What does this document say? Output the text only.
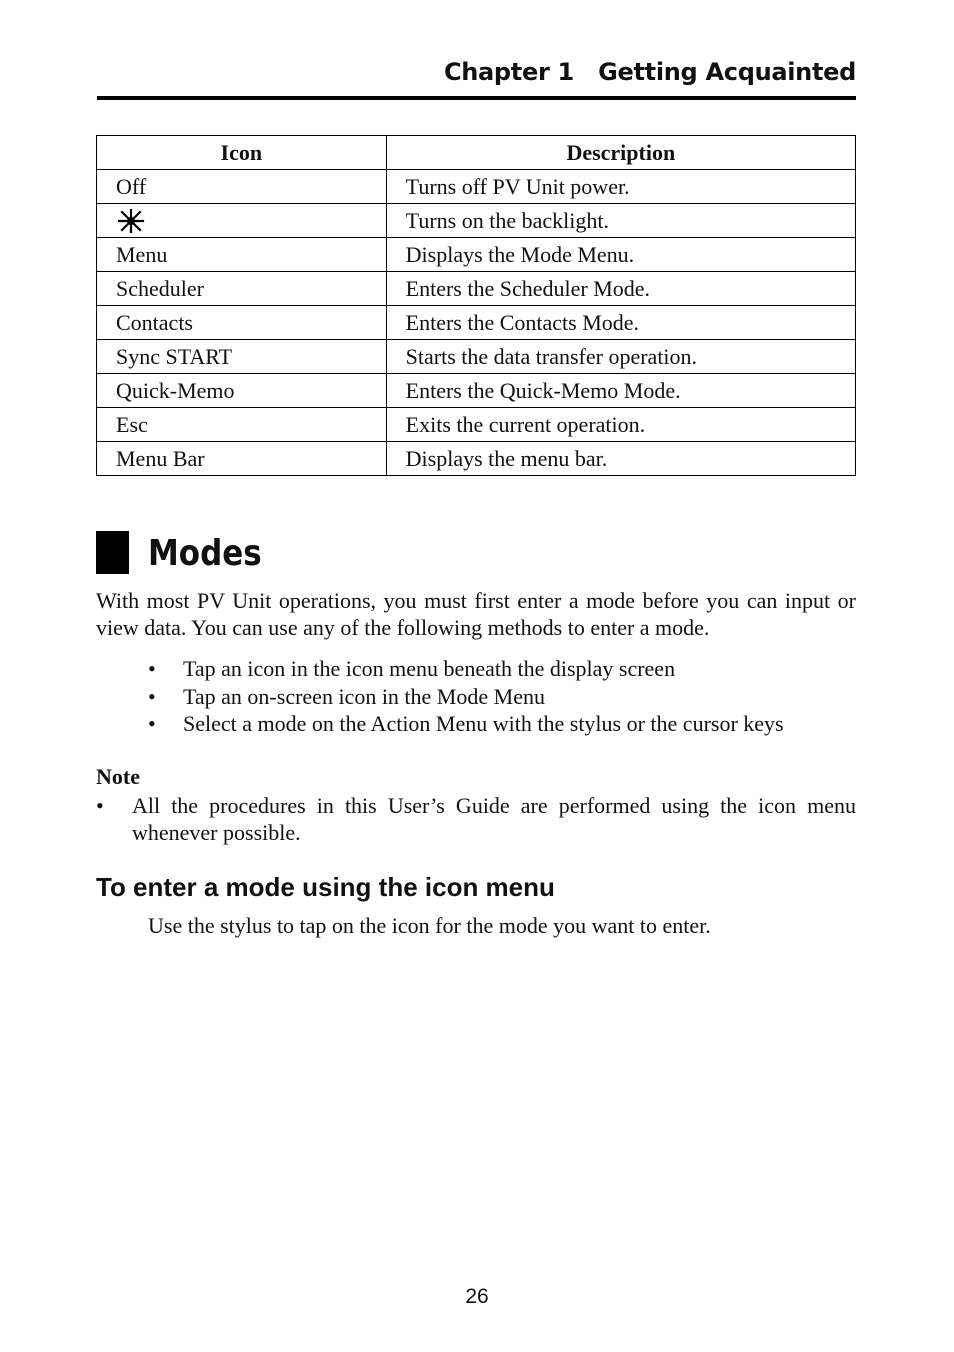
Chapter 1   Getting Acquainted
Icon	Description
Off	Turns off PV Unit power.

	Turns on the backlight.
Menu	Displays the Mode Menu.
Scheduler	Enters the Scheduler Mode.
Contacts	Enters the Contacts Mode.
Sync START	Starts the data transfer operation.
Quick-Memo	Enters the Quick-Memo Mode.
Esc	Exits the current operation.
Menu Bar	Displays the menu bar.
Modes

With most PV Unit operations, you must first enter a mode before you can input or view data. You can use any of the following methods to enter a mode.

• Tap an icon in the icon menu beneath the display screen
• Tap an on-screen icon in the Mode Menu
• Select a mode on the Action Menu with the stylus or the cursor keys
Note
• All the procedures in this User’s Guide are performed using the icon menu whenever possible.
To enter a mode using the icon menu
Use the stylus to tap on the icon for the mode you want to enter.
26
